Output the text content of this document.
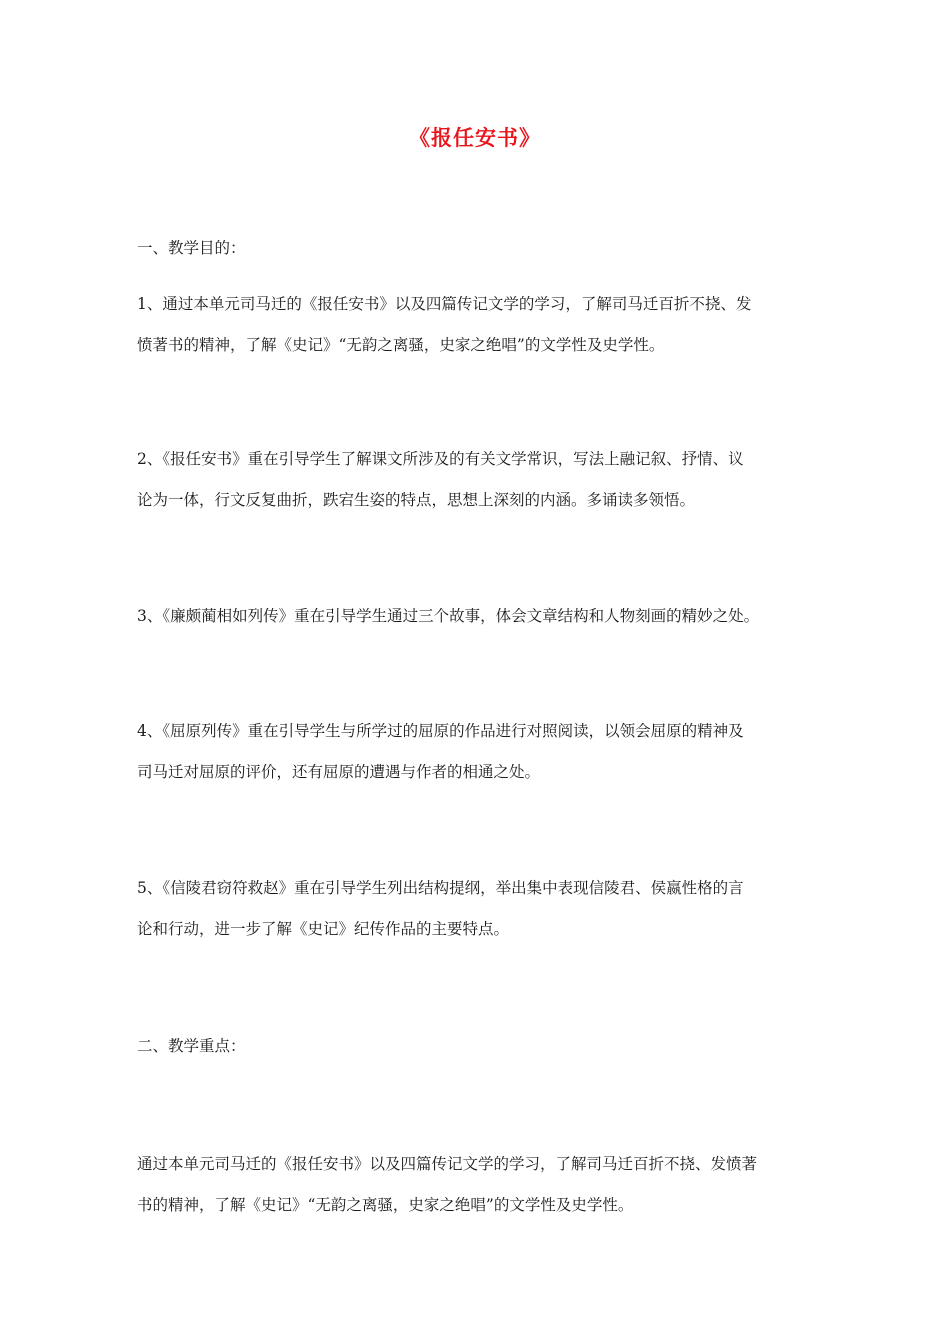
《报任安书》

一、教学目的：

1、通过本单元司马迁的《报任安书》以及四篇传记文学的学习，了解司马迁百折不挠、发
愤著书的精神，了解《史记》“无韵之离骚，史家之绝唱”的文学性及史学性。

2、《报任安书》重在引导学生了解课文所涉及的有关文学常识，写法上融记叙、抒情、议
论为一体，行文反复曲折，跌宕生姿的特点，思想上深刻的内涵。多诵读多领悟。

3、《廉颇蔺相如列传》重在引导学生通过三个故事，体会文章结构和人物刻画的精妙之处。

4、《屈原列传》重在引导学生与所学过的屈原的作品进行对照阅读，以领会屈原的精神及
司马迁对屈原的评价，还有屈原的遭遇与作者的相通之处。

5、《信陵君窃符救赵》重在引导学生列出结构提纲，举出集中表现信陵君、侯嬴性格的言
论和行动，进一步了解《史记》纪传作品的主要特点。

二、教学重点：

通过本单元司马迁的《报任安书》以及四篇传记文学的学习，了解司马迁百折不挠、发愤著
书的精神，了解《史记》“无韵之离骚，史家之绝唱”的文学性及史学性。
